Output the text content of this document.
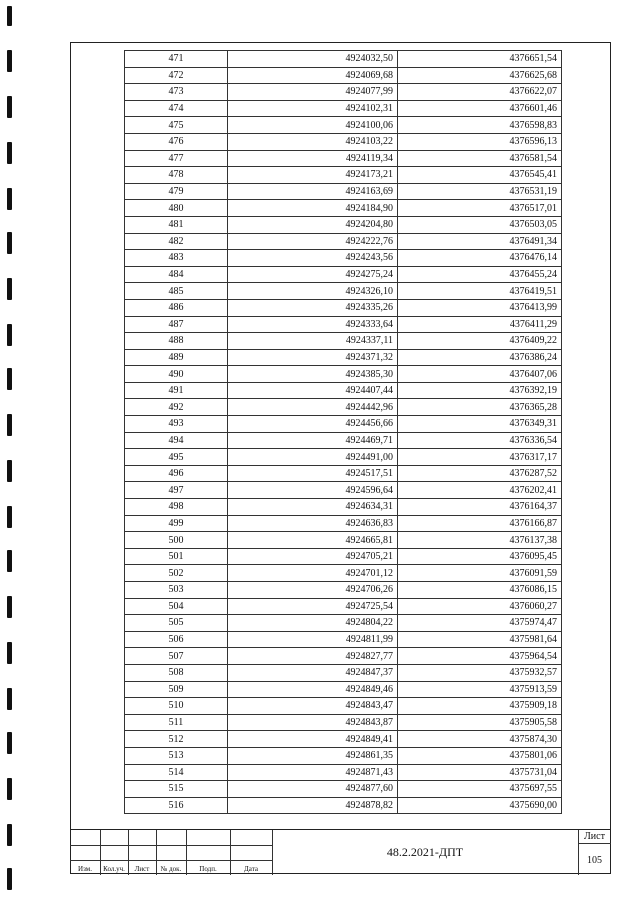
471	4924032,50	4376651,54
472	4924069,68	4376625,68
473	4924077,99	4376622,07
474	4924102,31	4376601,46
475	4924100,06	4376598,83
476	4924103,22	4376596,13
477	4924119,34	4376581,54
478	4924173,21	4376545,41
479	4924163,69	4376531,19
480	4924184,90	4376517,01
481	4924204,80	4376503,05
482	4924222,76	4376491,34
483	4924243,56	4376476,14
484	4924275,24	4376455,24
485	4924326,10	4376419,51
486	4924335,26	4376413,99
487	4924333,64	4376411,29
488	4924337,11	4376409,22
489	4924371,32	4376386,24
490	4924385,30	4376407,06
491	4924407,44	4376392,19
492	4924442,96	4376365,28
493	4924456,66	4376349,31
494	4924469,71	4376336,54
495	4924491,00	4376317,17
496	4924517,51	4376287,52
497	4924596,64	4376202,41
498	4924634,31	4376164,37
499	4924636,83	4376166,87
500	4924665,81	4376137,38
501	4924705,21	4376095,45
502	4924701,12	4376091,59
503	4924706,26	4376086,15
504	4924725,54	4376060,27
505	4924804,22	4375974,47
506	4924811,99	4375981,64
507	4924827,77	4375964,54
508	4924847,37	4375932,57
509	4924849,46	4375913,59
510	4924843,47	4375909,18
511	4924843,87	4375905,58
512	4924849,41	4375874,30
513	4924861,35	4375801,06
514	4924871,43	4375731,04
515	4924877,60	4375697,55
516	4924878,82	4375690,00
Изм.	Кол.уч.	Лист	№ док.	Подп.	Дата
48.2.2021-ДПТ
Лист
105
